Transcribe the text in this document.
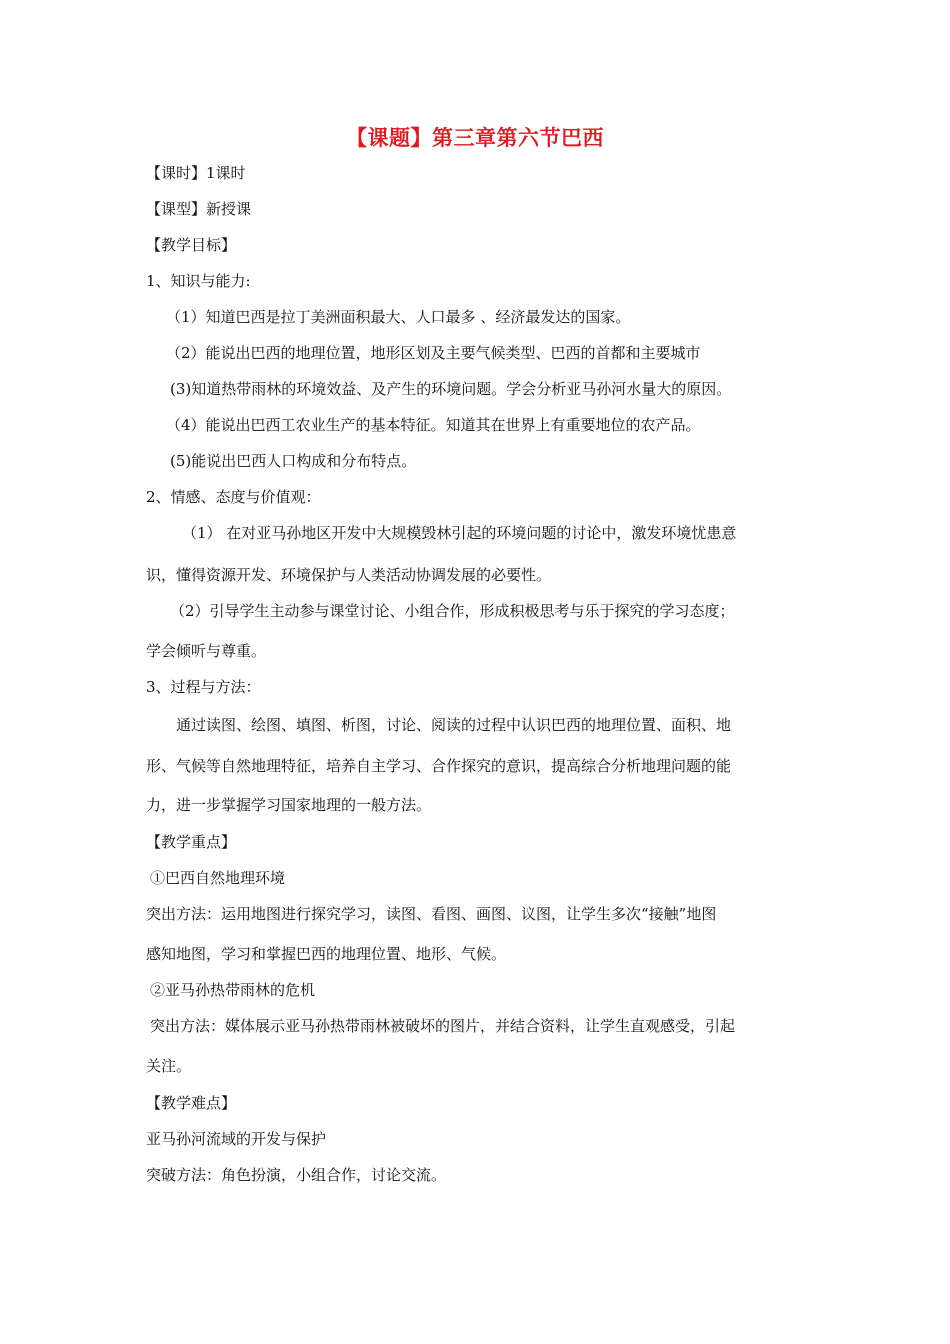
【课题】第三章第六节巴西
【课时】1课时
【课型】新授课
【教学目标】
1、知识与能力:
（1）知道巴西是拉丁美洲面积最大、人口最多 、经济最发达的国家。
（2）能说出巴西的地理位置，地形区划及主要气候类型、巴西的首都和主要城市
(3)知道热带雨林的环境效益、及产生的环境问题。学会分析亚马孙河水量大的原因。
（4）能说出巴西工农业生产的基本特征。知道其在世界上有重要地位的农产品。
(5)能说出巴西人口构成和分布特点。
2、情感、态度与价值观：
（1） 在对亚马孙地区开发中大规模毁林引起的环境问题的讨论中，激发环境忧患意
识，懂得资源开发、环境保护与人类活动协调发展的必要性。
（2）引导学生主动参与课堂讨论、小组合作，形成积极思考与乐于探究的学习态度；
学会倾听与尊重。
3、过程与方法：
通过读图、绘图、填图、析图，讨论、阅读的过程中认识巴西的地理位置、面积、地
形、气候等自然地理特征，培养自主学习、合作探究的意识，提高综合分析地理问题的能
力，进一步掌握学习国家地理的一般方法。
【教学重点】
①巴西自然地理环境
突出方法：运用地图进行探究学习，读图、看图、画图、议图，让学生多次“接触”地图
感知地图，学习和掌握巴西的地理位置、地形、气候。
②亚马孙热带雨林的危机
突出方法：媒体展示亚马孙热带雨林被破坏的图片，并结合资料，让学生直观感受，引起
关注。
【教学难点】
亚马孙河流域的开发与保护
突破方法：角色扮演，小组合作，讨论交流。
